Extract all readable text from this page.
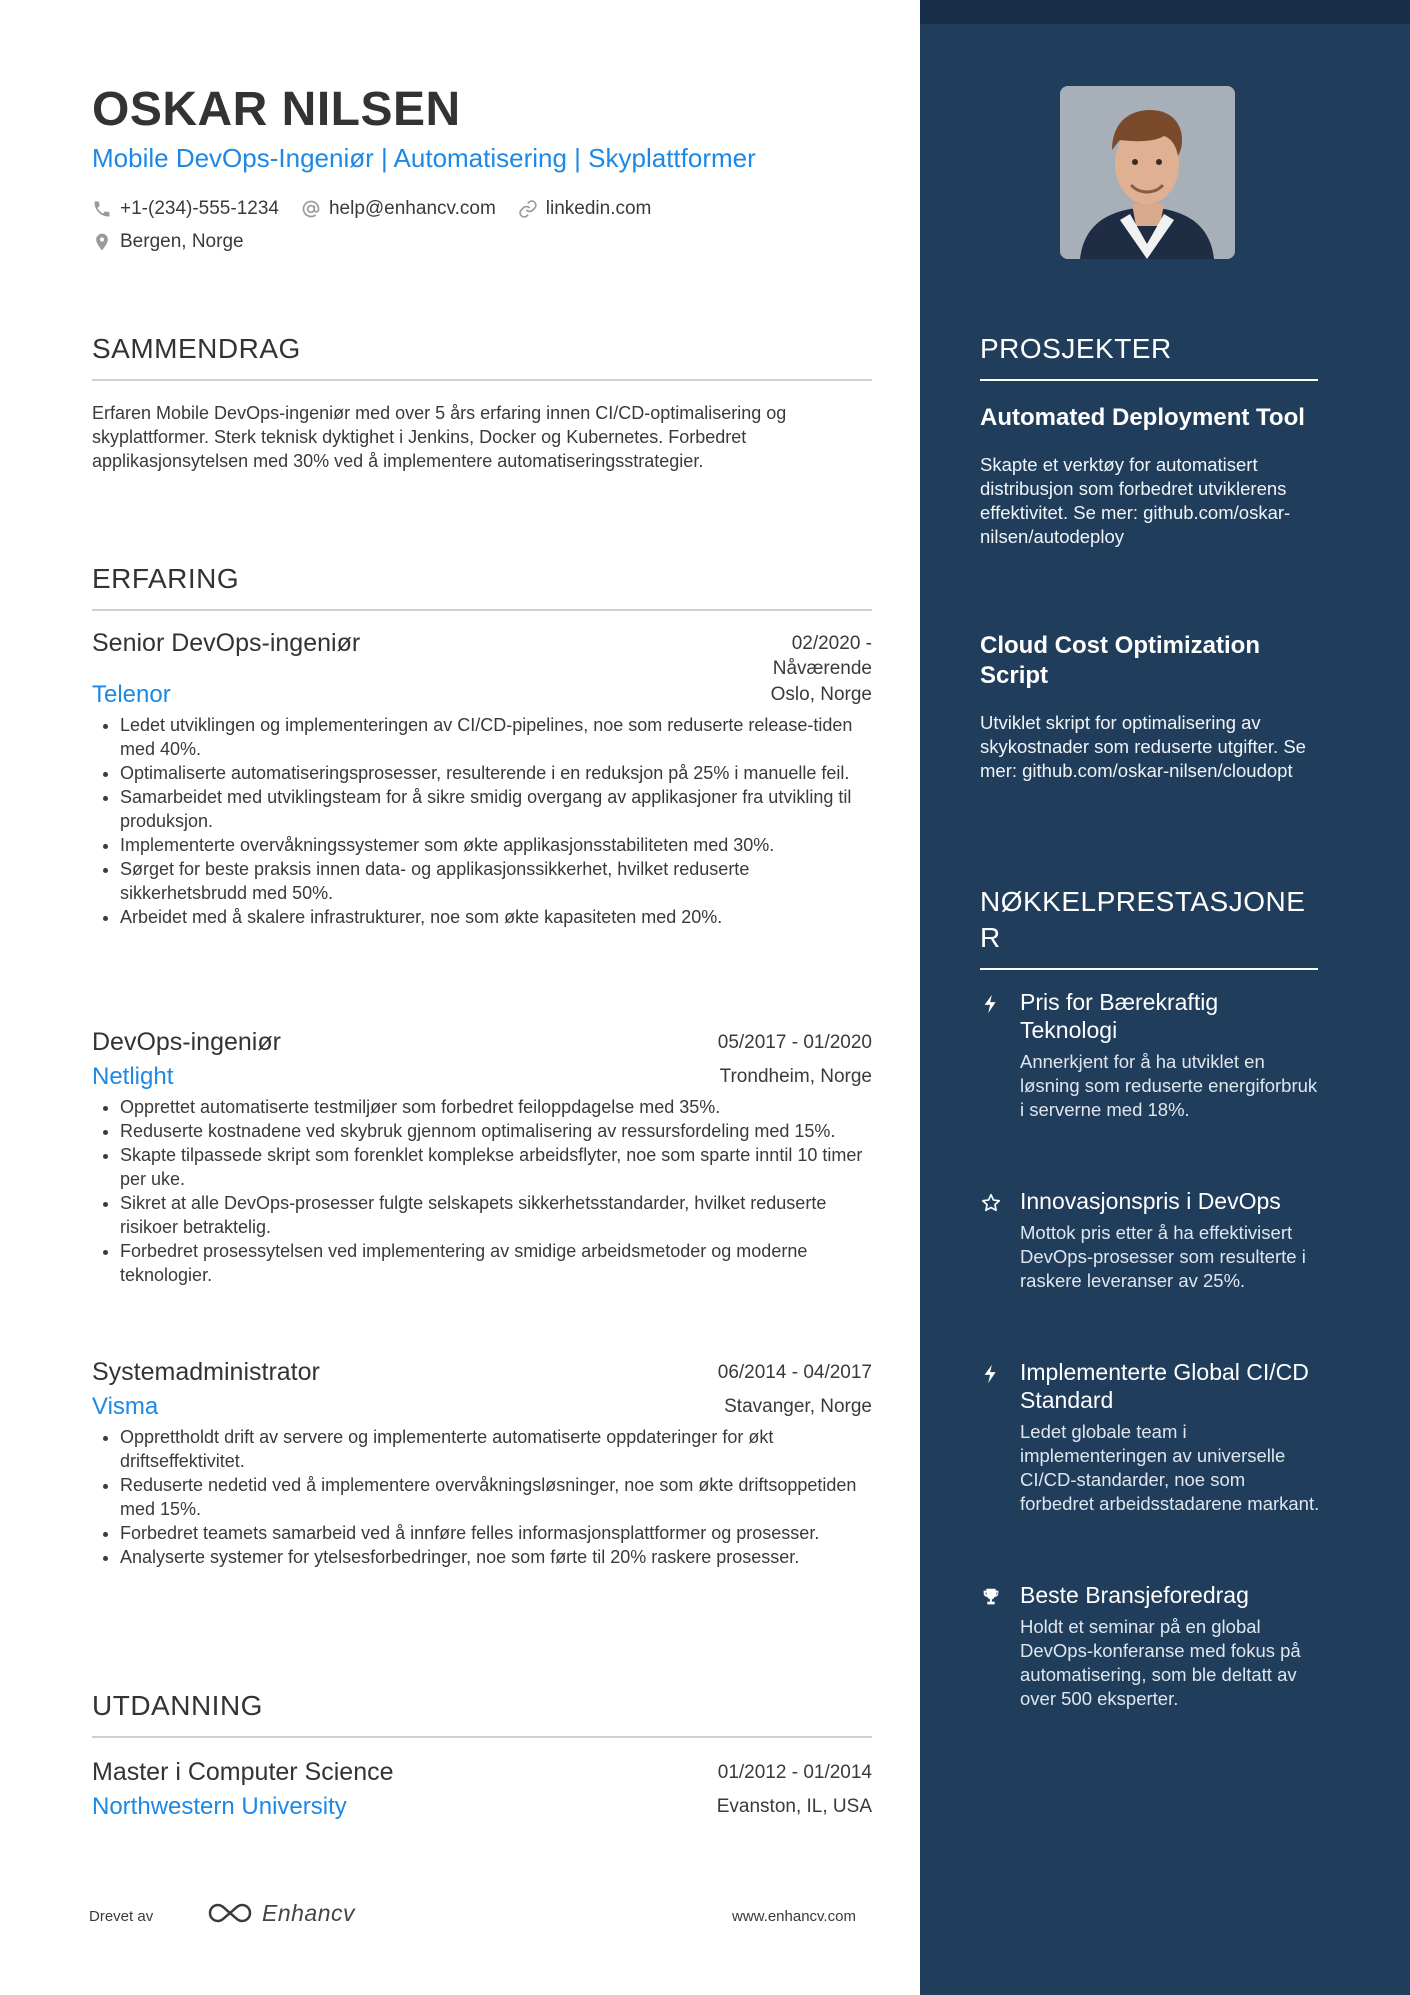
OSKAR NILSEN
Mobile DevOps-Ingeniør | Automatisering | Skyplattformer
+1-(234)-555-1234	help@enhancv.com	linkedin.com
Bergen, Norge
SAMMENDRAG

Erfaren Mobile DevOps-ingeniør med over 5 års erfaring innen CI/CD-optimalisering og skyplattformer. Sterk teknisk dyktighet i Jenkins, Docker og Kubernetes. Forbedret applikasjonsytelsen med 30% ved å implementere automatiseringsstrategier.

ERFARING
Senior DevOps-ingeniør	02/2020 -
Nåværende
Telenor	Oslo, Norge
• Ledet utviklingen og implementeringen av CI/CD-pipelines, noe som reduserte release-tiden med 40%.
• Optimaliserte automatiseringsprosesser, resulterende i en reduksjon på 25% i manuelle feil.
• Samarbeidet med utviklingsteam for å sikre smidig overgang av applikasjoner fra utvikling til produksjon.
• Implementerte overvåkningssystemer som økte applikasjonsstabiliteten med 30%.
• Sørget for beste praksis innen data- og applikasjonssikkerhet, hvilket reduserte sikkerhetsbrudd med 50%.
• Arbeidet med å skalere infrastrukturer, noe som økte kapasiteten med 20%.
DevOps-ingeniør	05/2017 - 01/2020
Netlight	Trondheim, Norge
• Opprettet automatiserte testmiljøer som forbedret feiloppdagelse med 35%.
• Reduserte kostnadene ved skybruk gjennom optimalisering av ressursfordeling med 15%.
• Skapte tilpassede skript som forenklet komplekse arbeidsflyter, noe som sparte inntil 10 timer per uke.
• Sikret at alle DevOps-prosesser fulgte selskapets sikkerhetsstandarder, hvilket reduserte risikoer betraktelig.
• Forbedret prosessytelsen ved implementering av smidige arbeidsmetoder og moderne teknologier.
Systemadministrator	06/2014 - 04/2017
Visma	Stavanger, Norge
• Opprettholdt drift av servere og implementerte automatiserte oppdateringer for økt driftseffektivitet.
• Reduserte nedetid ved å implementere overvåkningsløsninger, noe som økte driftsoppetiden med 15%.
• Forbedret teamets samarbeid ved å innføre felles informasjonsplattformer og prosesser.
• Analyserte systemer for ytelsesforbedringer, noe som førte til 20% raskere prosesser.
UTDANNING
Master i Computer Science	01/2012 - 01/2014
Northwestern University	Evanston, IL, USA
Drevet av	Enhancv	www.enhancv.com
PROSJEKTER
Automated Deployment Tool
Skapte et verktøy for automatisert distribusjon som forbedret utviklerens effektivitet. Se mer: github.com/oskar-nilsen/autodeploy
Cloud Cost Optimization Script
Utviklet skript for optimalisering av skykostnader som reduserte utgifter. Se mer: github.com/oskar-nilsen/cloudopt
NØKKELPRESTASJONER
Pris for Bærekraftig Teknologi
Annerkjent for å ha utviklet en løsning som reduserte energiforbruk i serverne med 18%.
Innovasjonspris i DevOps
Mottok pris etter å ha effektivisert DevOps-prosesser som resulterte i raskere leveranser av 25%.
Implementerte Global CI/CD Standard
Ledet globale team i implementeringen av universelle CI/CD-standarder, noe som forbedret arbeidsstadarene markant.
Beste Bransjeforedrag
Holdt et seminar på en global DevOps-konferanse med fokus på automatisering, som ble deltatt av over 500 eksperter.
